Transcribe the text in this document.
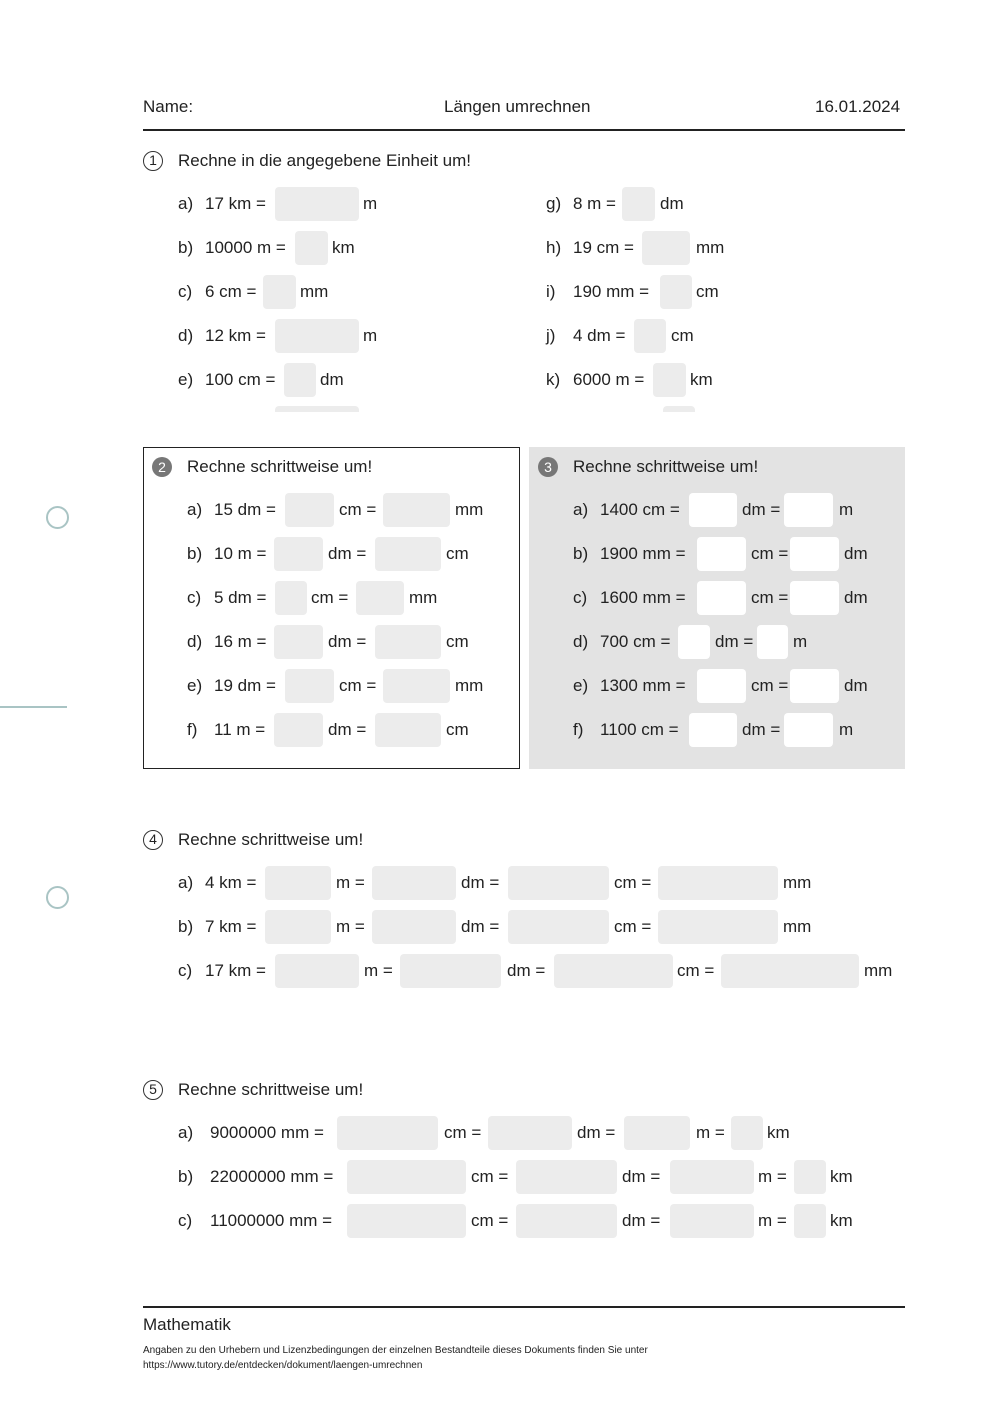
Name:	Längen umrechnen	16.01.2024
1	Rechne in die angegebene Einheit um!
a) 17 km =	m
b) 10000 m =	km
c) 6 cm =	mm
d) 12 km =	m
e) 100 cm =	dm
g) 8 m =	dm
h) 19 cm =	mm
i) 190 mm =	cm
j) 4 dm =	cm
k) 6000 m =	km
2	Rechne schrittweise um!
a) 15 dm =	cm =	mm
b) 10 m =	dm =	cm
c) 5 dm =	cm =	mm
d) 16 m =	dm =	cm
e) 19 dm =	cm =	mm
f) 11 m =	dm =	cm
3	Rechne schrittweise um!
a) 1400 cm =	dm =	m
b) 1900 mm =	cm =	dm
c) 1600 mm =	cm =	dm
d) 700 cm =	dm = m
e) 1300 mm =	cm =	dm
f) 1100 cm =	dm =	m
4	Rechne schrittweise um!
a) 4 km =	m =	dm =	cm =	mm
b) 7 km =	m =	dm =	cm =	mm
c) 17 km =	m =	dm =	cm =	mm
5	Rechne schrittweise um!
a) 9000000 mm =	cm =	dm =	m = km
b) 22000000 mm =	cm =	dm =	m =	km
c) 11000000 mm =	cm =	dm =	m =	km
Mathematik
Angaben zu den Urhebern und Lizenzbedingungen der einzelnen Bestandteile dieses Dokuments finden Sie unter
https://www.tutory.de/entdecken/dokument/laengen-umrechnen
